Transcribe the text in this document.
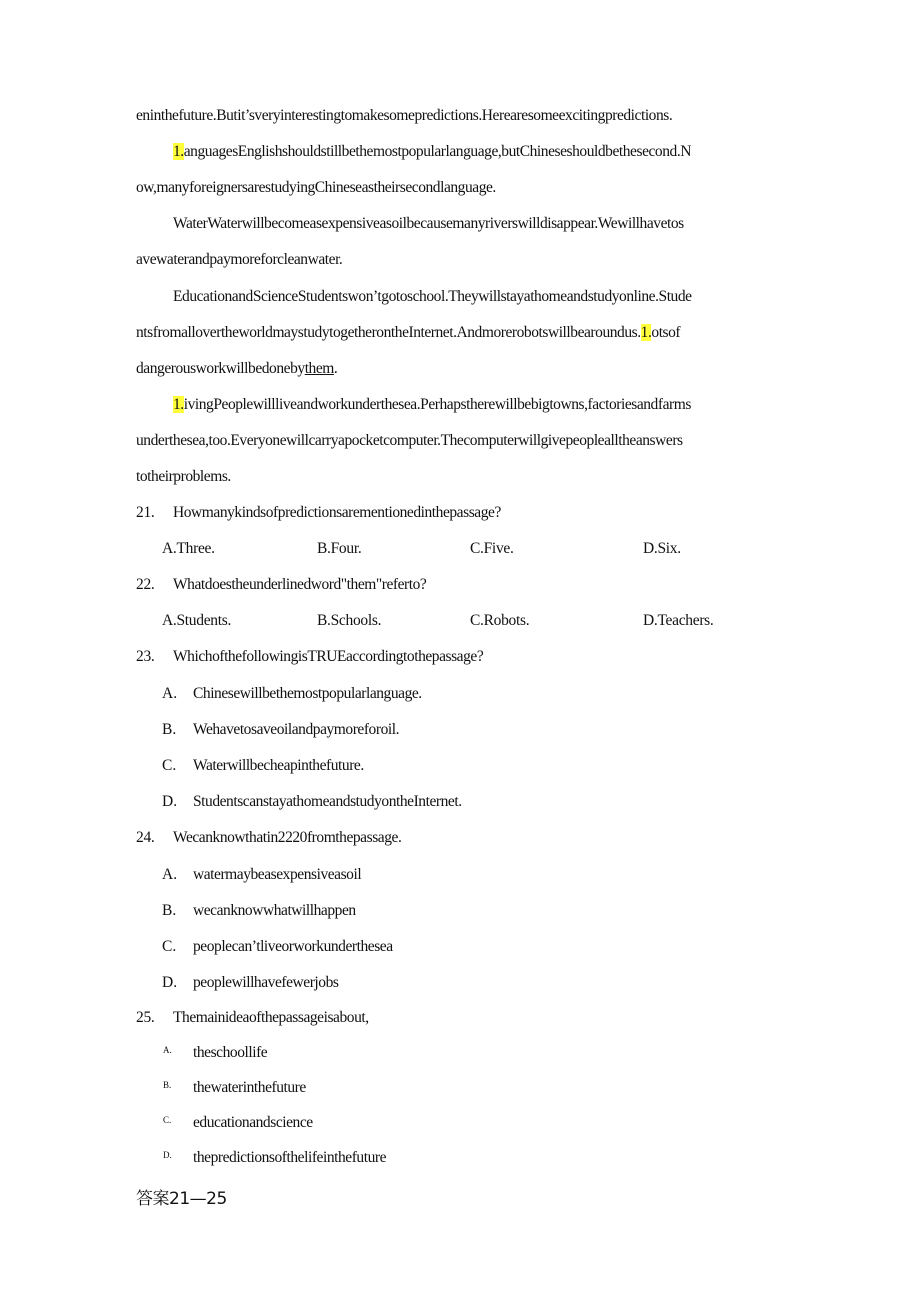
eninthefuture.Butit’sveryinterestingtomakesomepredictions.Herearesomeexcitingpredictions.
1.anguagesEnglishshouldstillbethemostpopularlanguage,butChineseshouldbethesecond.N
ow,manyforeignersarestudyingChineseastheirsecondlanguage.
WaterWaterwillbecomeasexpensiveasoilbecausemanyriverswilldisappear.Wewillhavetos
avewaterandpaymoreforcleanwater.
EducationandScienceStudentswon’tgotoschool.Theywillstayathomeandstudyonline.Stude
ntsfromallovertheworldmaystudytogetherontheInternet.Andmorerobotswillbearoundus.1.otsof
dangerousworkwillbedonebythem.
1.ivingPeoplewillliveandworkunderthesea.Perhapstherewillbebigtowns,factoriesandfarms
underthesea,too.Everyonewillcarryapocketcomputer.Thecomputerwillgivepeoplealltheanswers
totheirproblems.
21. Howmanykindsofpredictionsarementionedinthepassage?
A.Three.	B.Four.	C.Five.	D.Six.
22. Whatdoestheunderlinedword"them"referto?
A.Students.	B.Schools.	C.Robots.	D.Teachers.
23. WhichofthefollowingisTRUEaccordingtothepassage?
A. Chinesewillbethemostpopularlanguage.
B. Wehavetosaveoilandpaymoreforoil.
C. Waterwillbecheapinthefuture.
D. StudentscanstayathomeandstudyontheInternet.
24. Wecanknowthatin2220fromthepassage.
A. watermaybeasexpensiveasoil
B. wecanknowwhatwillhappen
C. peoplecan’tliveorworkunderthesea
D. peoplewillhavefewerjobs
25. Themainideaofthepassageisabout,
A. theschoollife
B. thewaterinthefuture
C. educationandscience
D. thepredictionsofthelifeinthefuture
答案21—25
